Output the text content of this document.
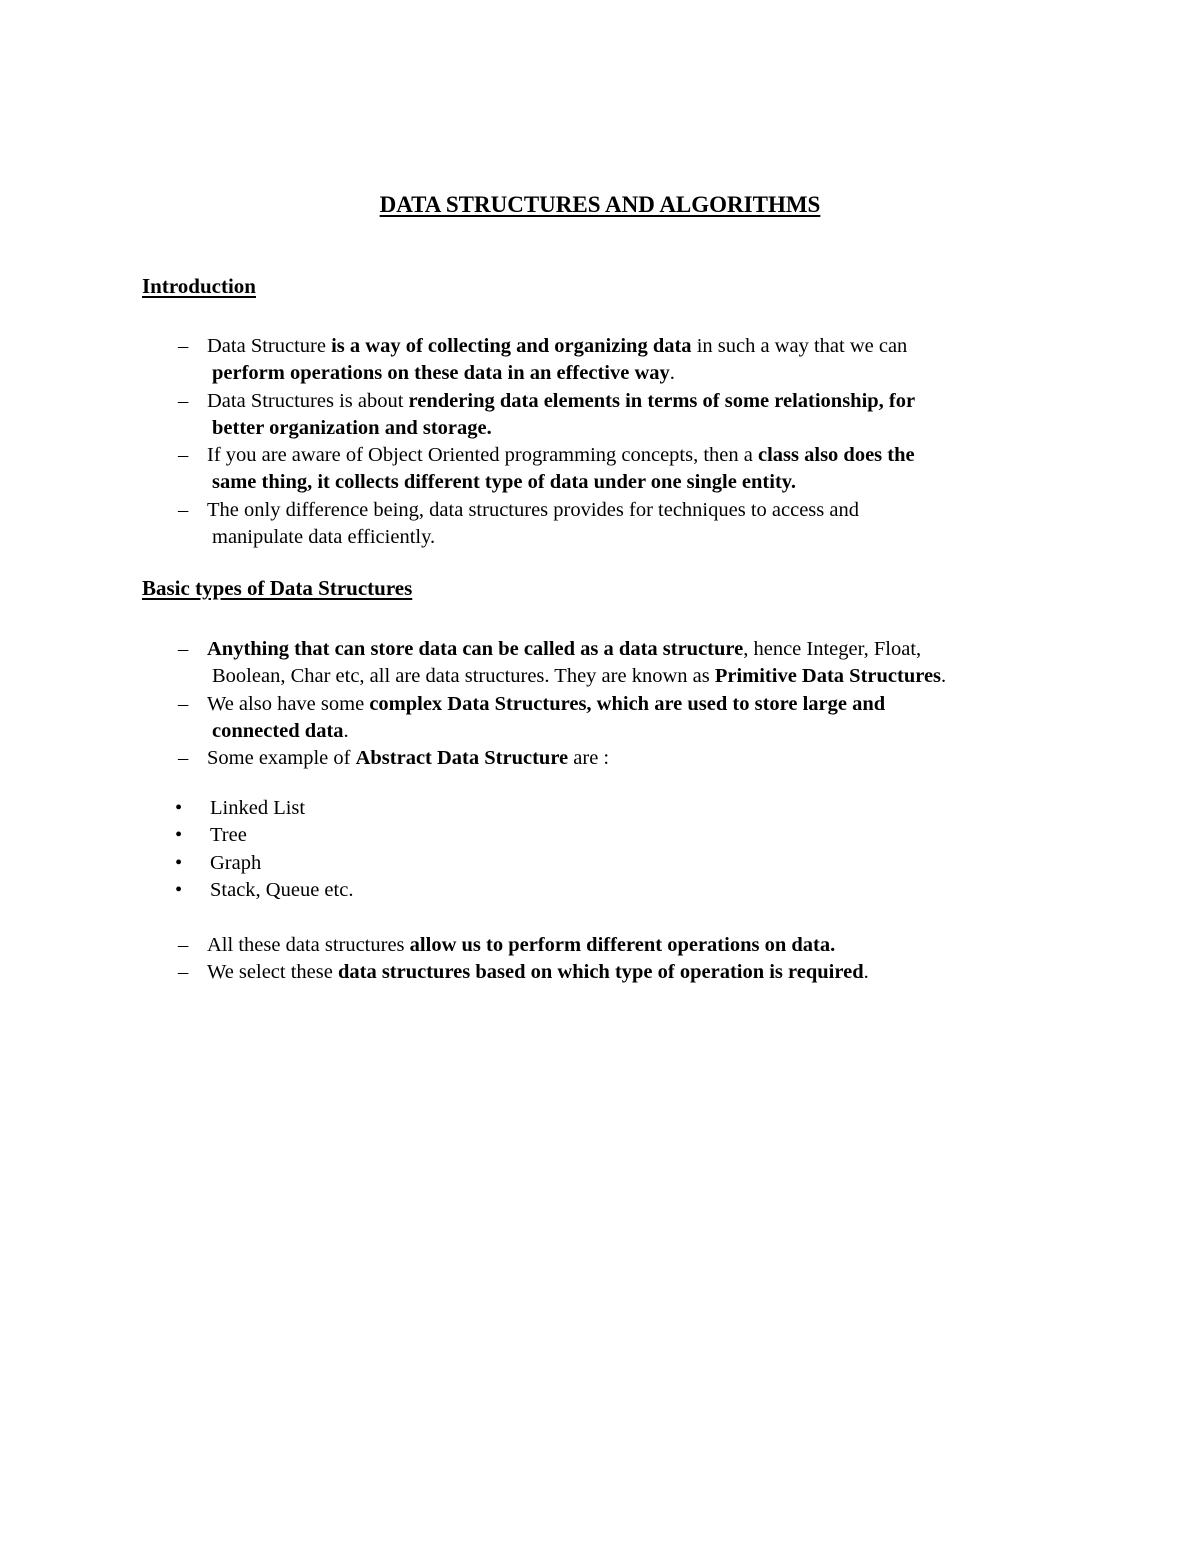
DATA STRUCTURES AND ALGORITHMS
Introduction
– Data Structure is a way of collecting and organizing data in such a way that we can
perform operations on these data in an effective way.
– Data Structures is about rendering data elements in terms of some relationship, for
better organization and storage.
– If you are aware of Object Oriented programming concepts, then a class also does the
same thing, it collects different type of data under one single entity.
– The only difference being, data structures provides for techniques to access and
manipulate data efficiently.
Basic types of Data Structures
– Anything that can store data can be called as a data structure, hence Integer, Float,
Boolean, Char etc, all are data structures. They are known as Primitive Data Structures.
– We also have some complex Data Structures, which are used to store large and
connected data.
– Some example of Abstract Data Structure are :
• Linked List
• Tree
• Graph
• Stack, Queue etc.
– All these data structures allow us to perform different operations on data.
– We select these data structures based on which type of operation is required.
